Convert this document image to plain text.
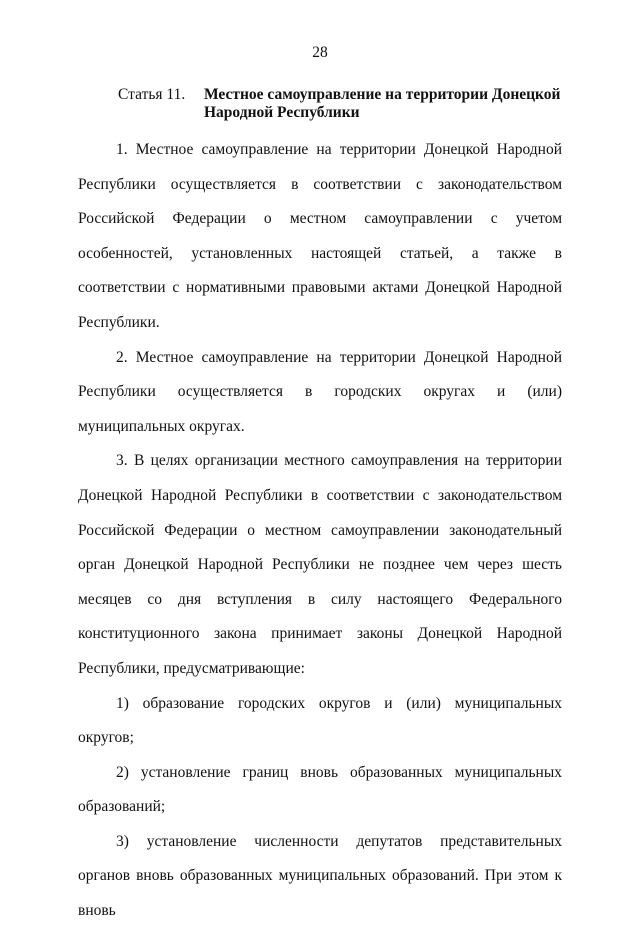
28
Статья 11.	Местное самоуправление на территории Донецкой Народной Республики

1. Местное самоуправление на территории Донецкой Народной Республики осуществляется в соответствии с законодательством Российской Федерации о местном самоуправлении с учетом особенностей, установленных настоящей статьей, а также в соответствии с нормативными правовыми актами Донецкой Народной Республики.

2. Местное самоуправление на территории Донецкой Народной Республики осуществляется в городских округах и (или) муниципальных округах.

3. В целях организации местного самоуправления на территории Донецкой Народной Республики в соответствии с законодательством Российской Федерации о местном самоуправлении законодательный орган Донецкой Народной Республики не позднее чем через шесть месяцев со дня вступления в силу настоящего Федерального конституционного закона принимает законы Донецкой Народной Республики, предусматривающие:

1) образование городских округов и (или) муниципальных округов;

2) установление границ вновь образованных муниципальных образований;

3) установление численности депутатов представительных органов вновь образованных муниципальных образований. При этом к вновь
